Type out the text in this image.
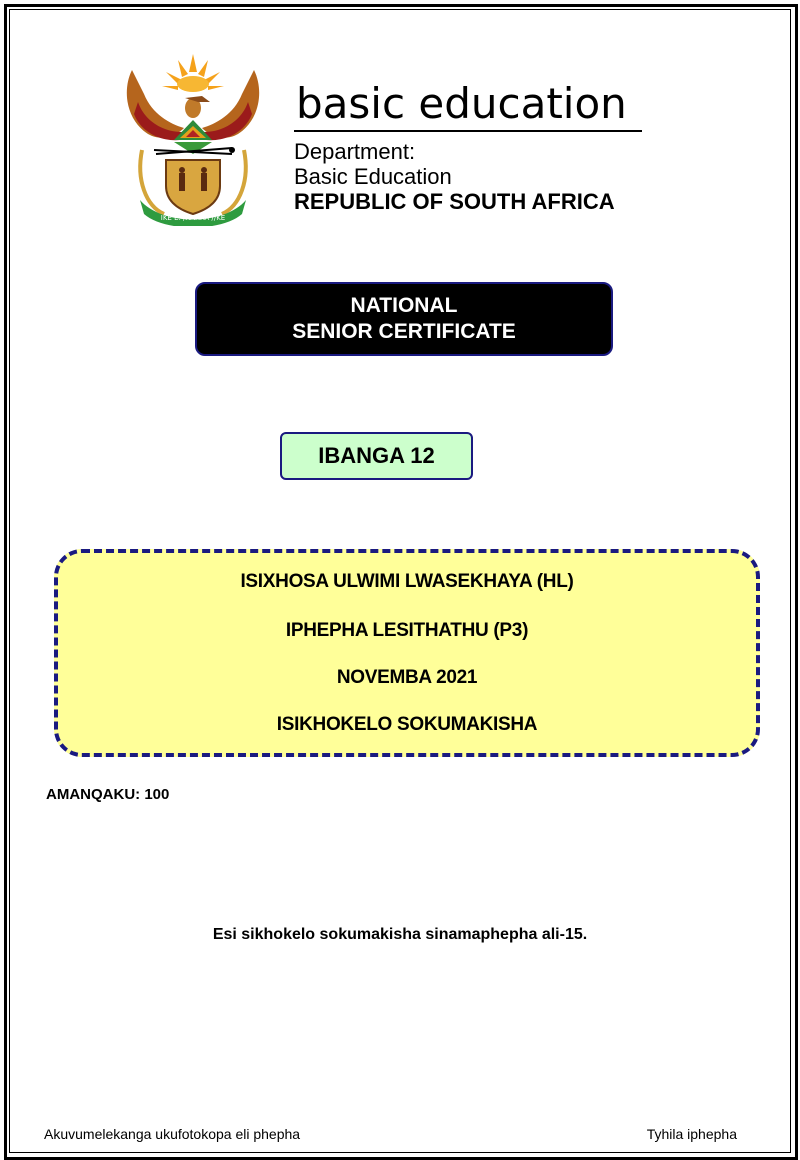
IKE E: /XARRA //KE

basic education

Department:

Basic Education

REPUBLIC OF SOUTH AFRICA

NATIONAL
SENIOR CERTIFICATE
IBANGA 12
ISIXHOSA ULWIMI LWASEKHAYA (HL)
IPHEPHA LESITHATHU (P3)
NOVEMBA 2021
ISIKHOKELO SOKUMAKISHA
AMANQAKU: 100
Esi sikhokelo sokumakisha sinamaphepha ali-15.
Akuvumelekanga ukufotokopa eli phepha	Tyhila iphepha
